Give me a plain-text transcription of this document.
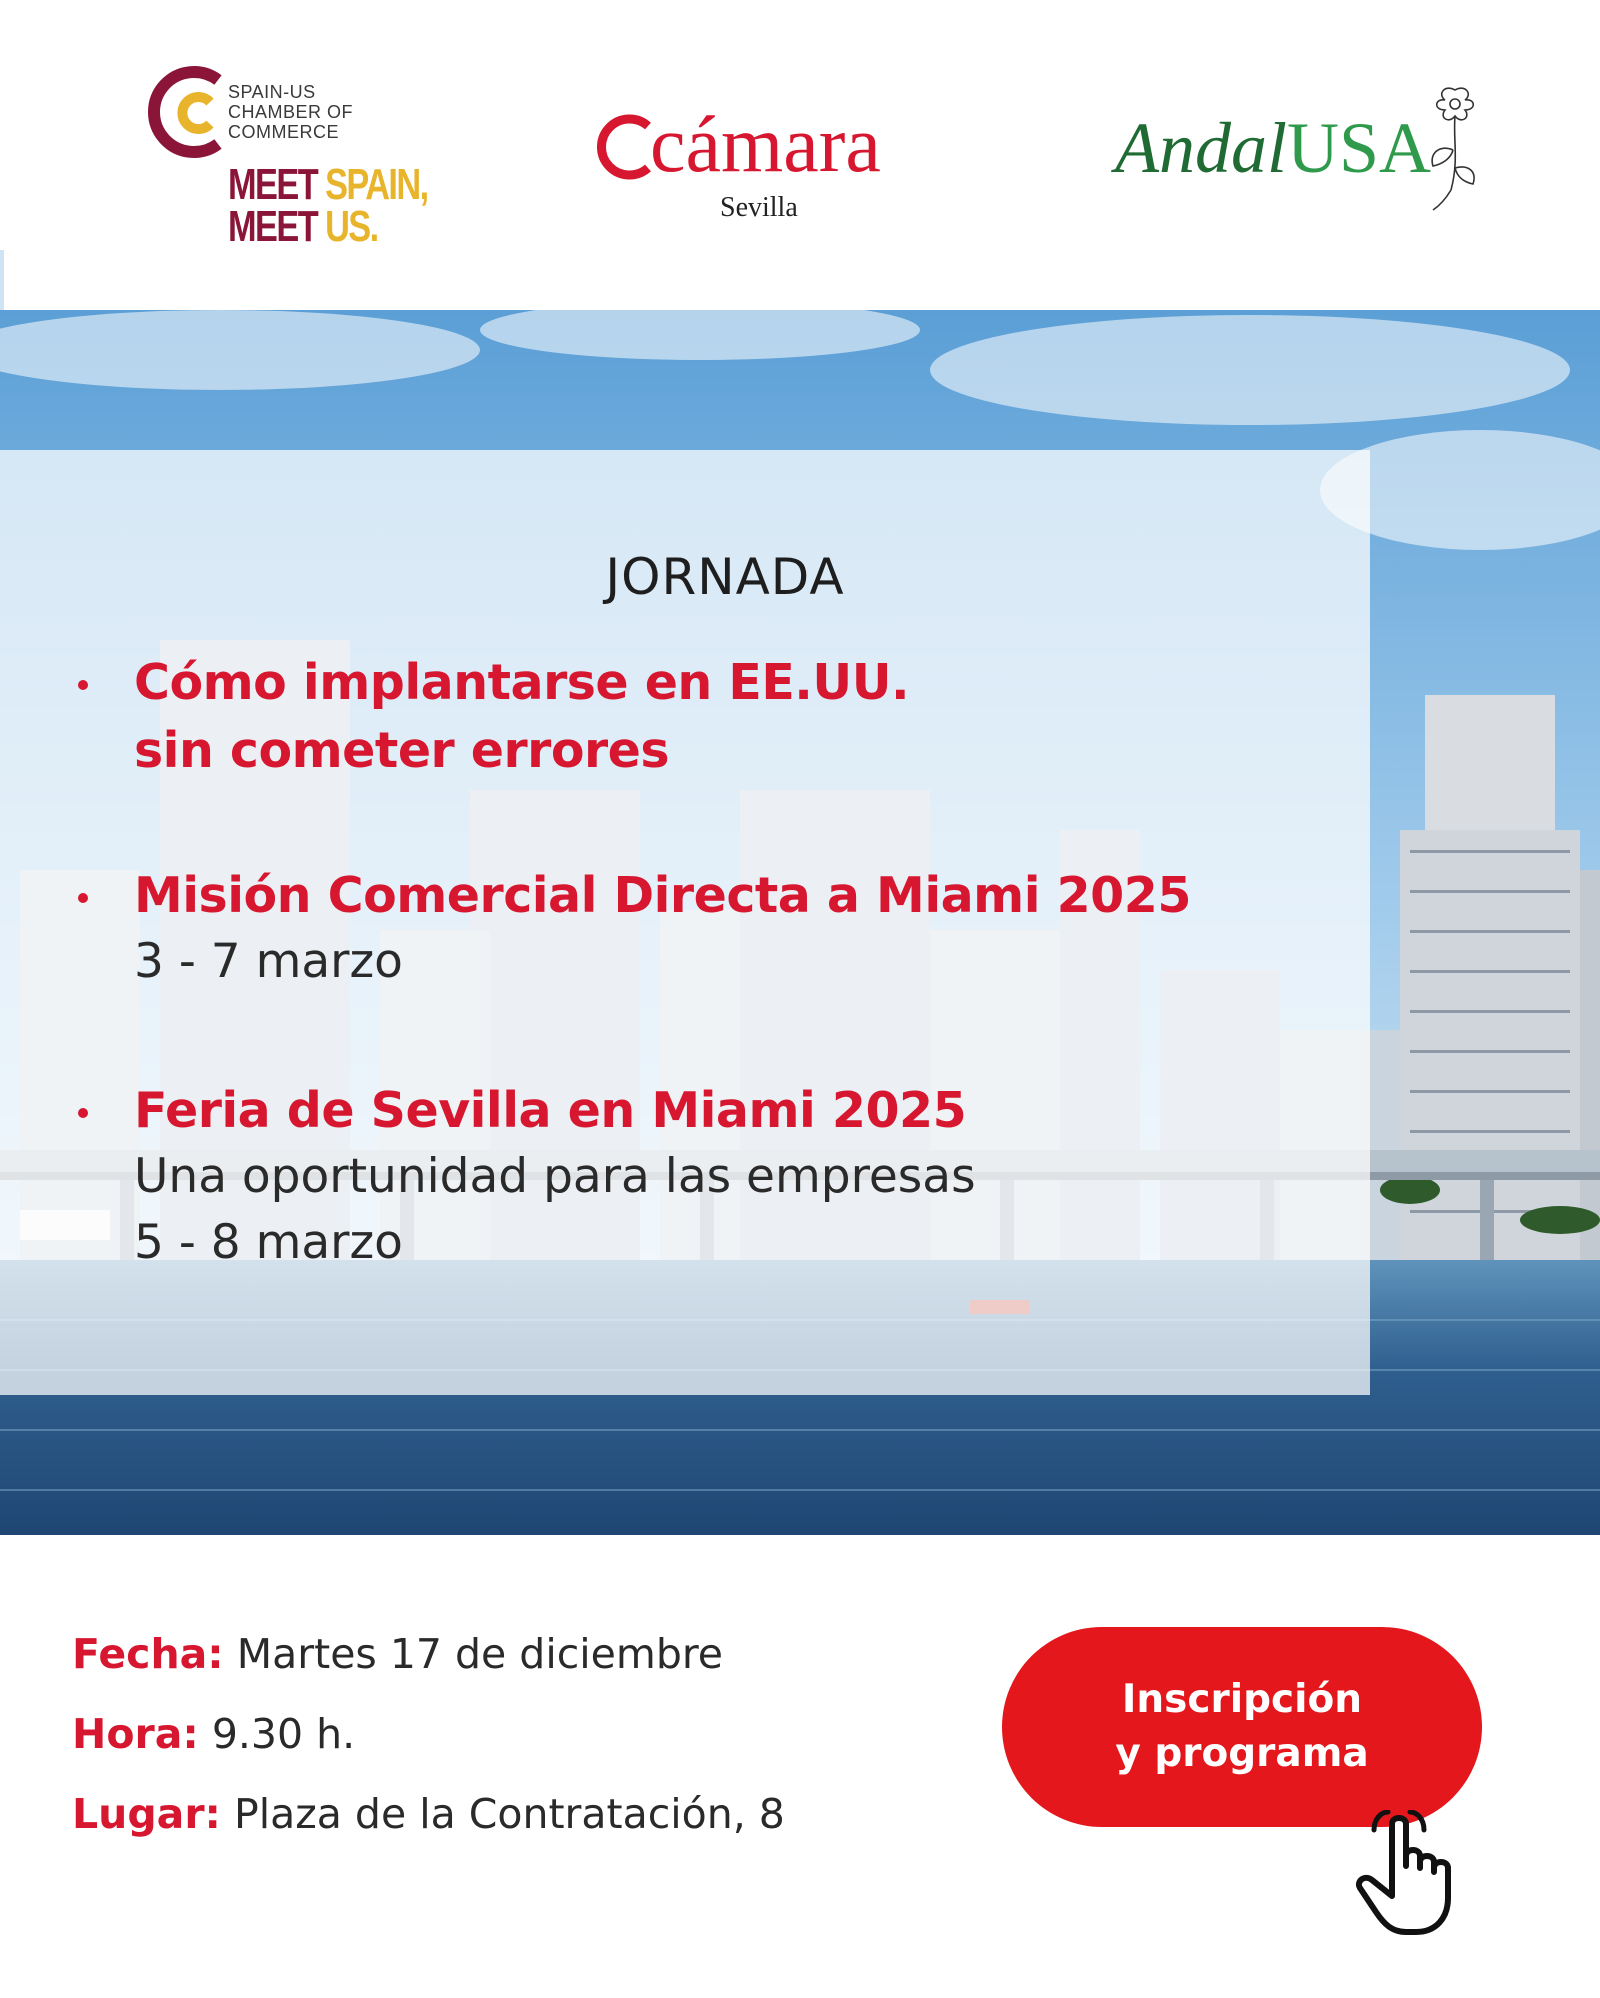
SPAIN-US
CHAMBER OF
COMMERCE
MEET SPAIN,
MEET US.
cámara
Sevilla
AndalUSA
JORNADA
Cómo implantarse en EE.UU.
sin cometer errores
Misión Comercial Directa a Miami 2025
3 - 7 marzo
Feria de Sevilla en Miami 2025
Una oportunidad para las empresas
5 - 8 marzo
Fecha: Martes 17 de diciembre
Hora: 9.30 h.
Lugar: Plaza de la Contratación, 8
Inscripción
y programa
